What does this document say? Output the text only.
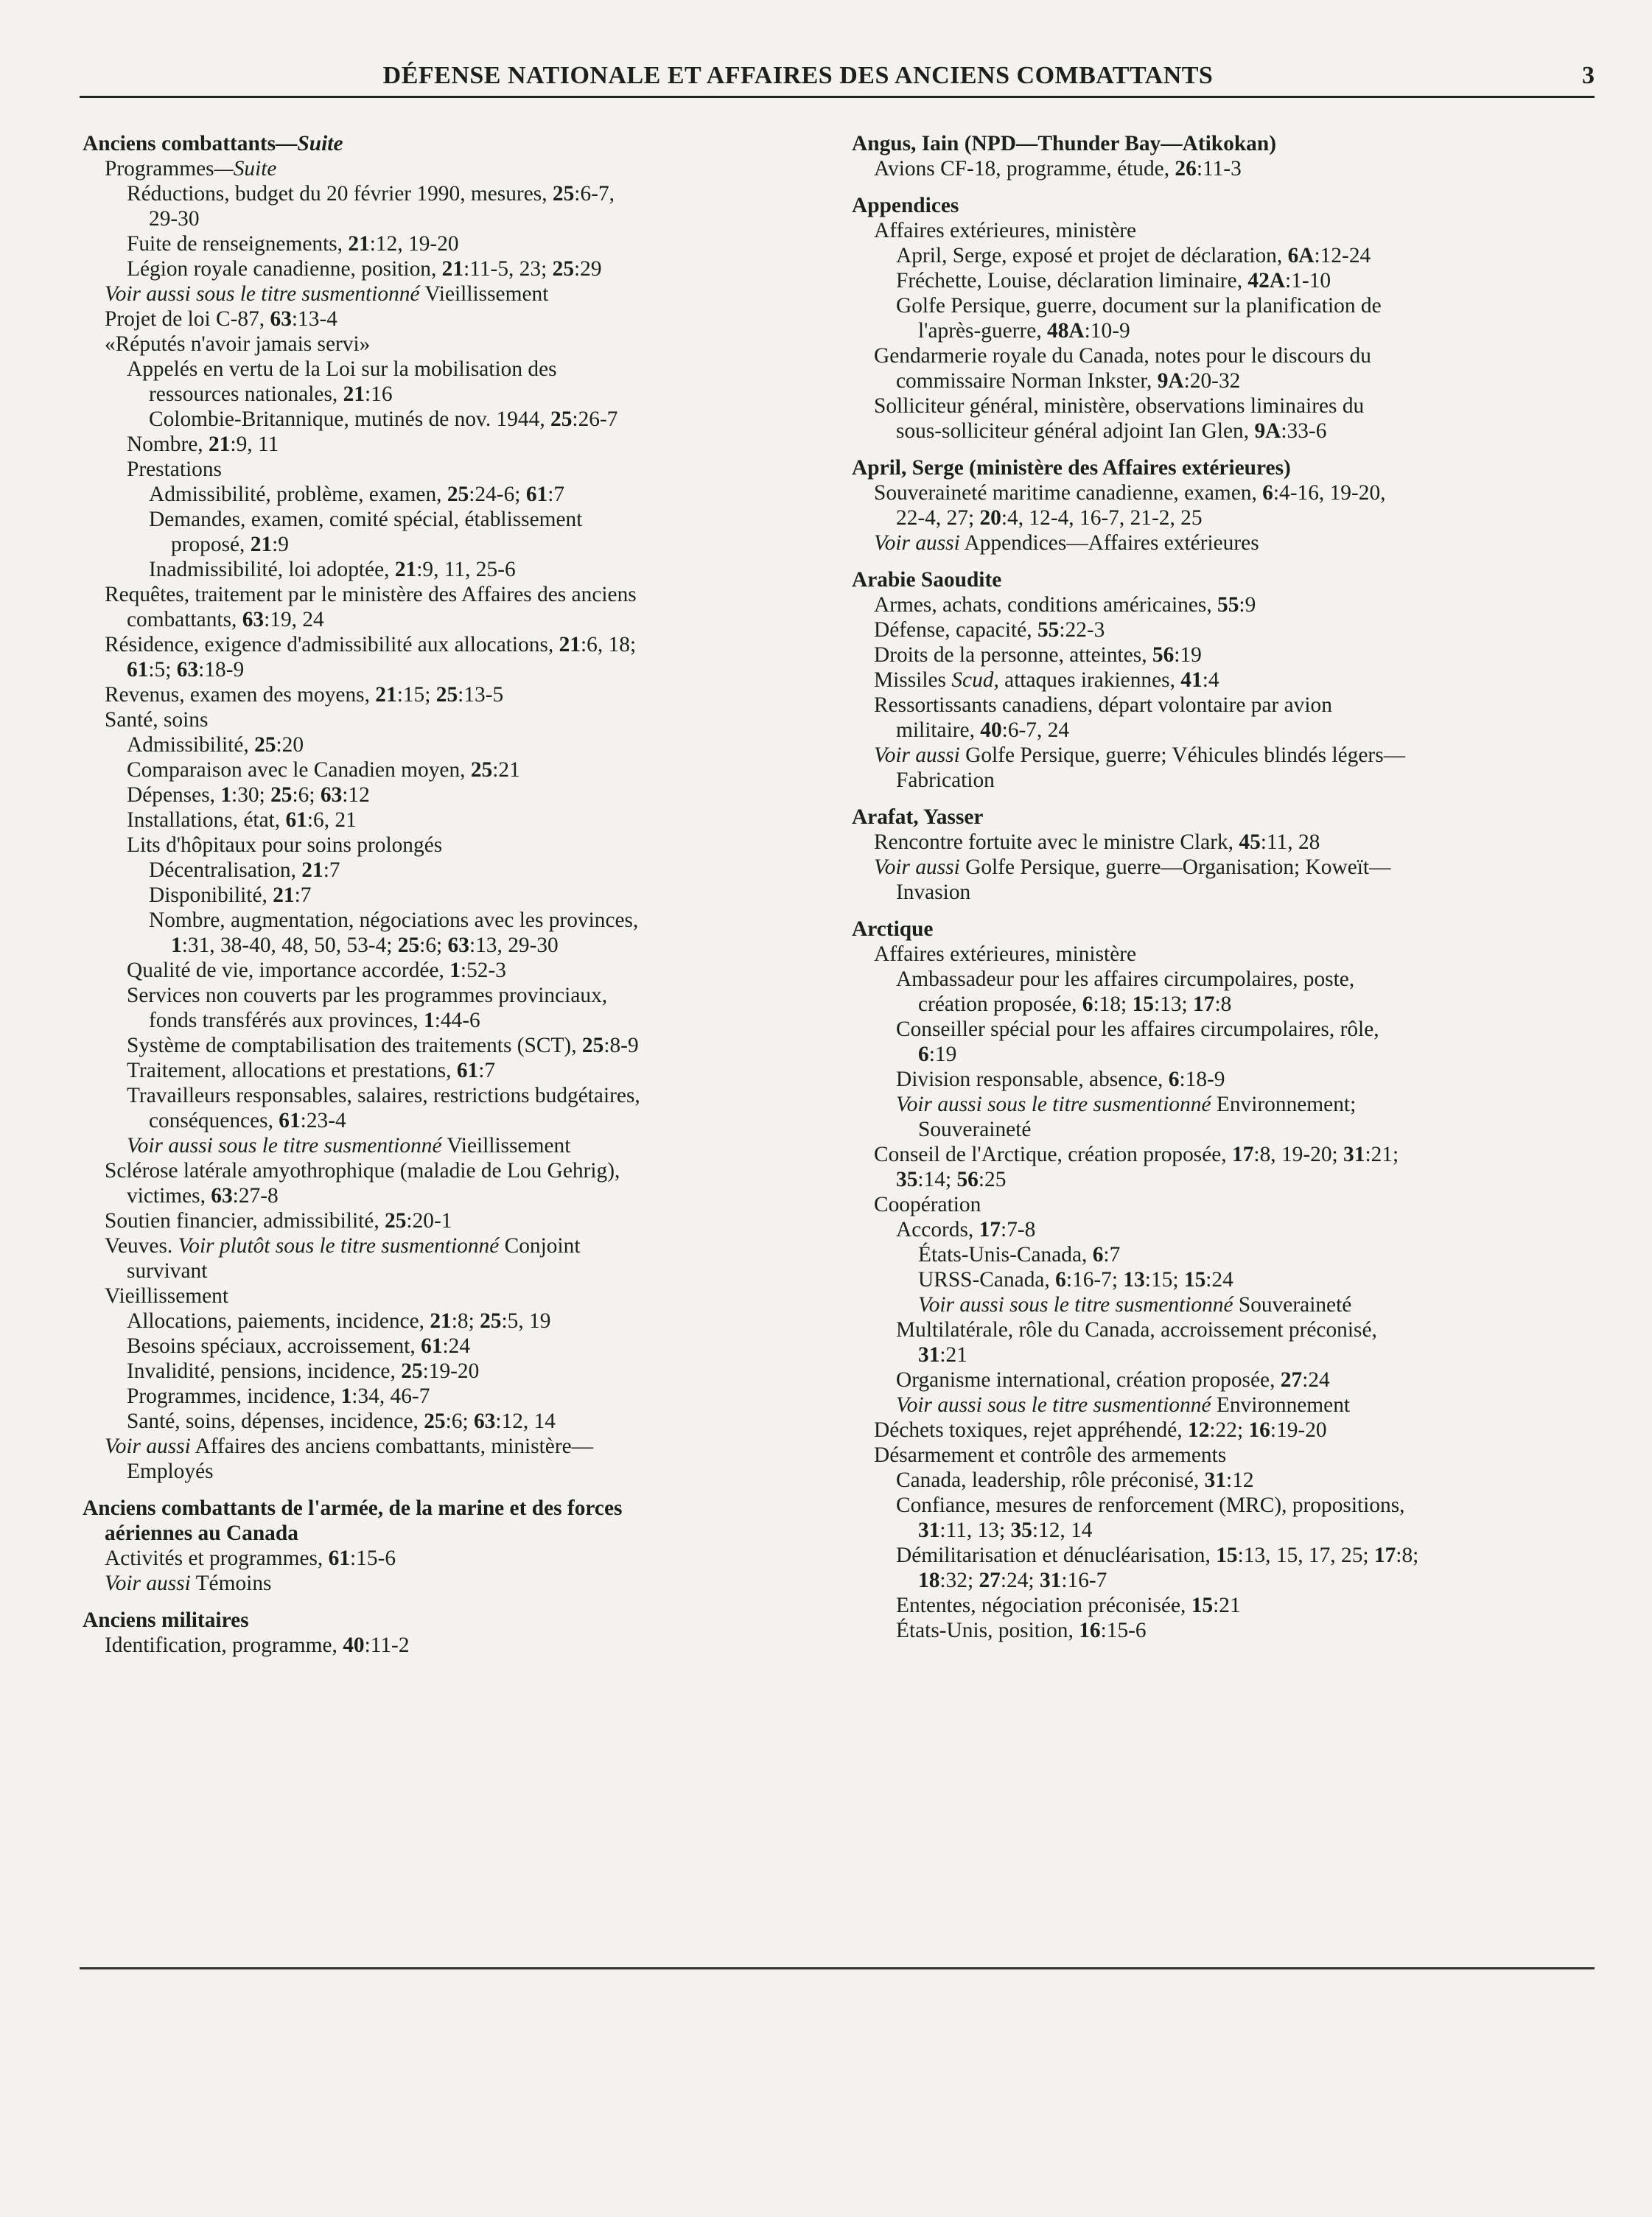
DÉFENSE NATIONALE ET AFFAIRES DES ANCIENS COMBATTANTS	3
Anciens combattants—Suite
Programmes—Suite
Réductions, budget du 20 février 1990, mesures, 25:6-7,
29-30
Fuite de renseignements, 21:12, 19-20
Légion royale canadienne, position, 21:11-5, 23; 25:29
Voir aussi sous le titre susmentionné Vieillissement
Projet de loi C-87, 63:13-4
«Réputés n'avoir jamais servi»
Appelés en vertu de la Loi sur la mobilisation des
ressources nationales, 21:16
Colombie-Britannique, mutinés de nov. 1944, 25:26-7
Nombre, 21:9, 11
Prestations
Admissibilité, problème, examen, 25:24-6; 61:7
Demandes, examen, comité spécial, établissement
proposé, 21:9
Inadmissibilité, loi adoptée, 21:9, 11, 25-6
Requêtes, traitement par le ministère des Affaires des anciens
combattants, 63:19, 24
Résidence, exigence d'admissibilité aux allocations, 21:6, 18;
61:5; 63:18-9
Revenus, examen des moyens, 21:15; 25:13-5
Santé, soins
Admissibilité, 25:20
Comparaison avec le Canadien moyen, 25:21
Dépenses, 1:30; 25:6; 63:12
Installations, état, 61:6, 21
Lits d'hôpitaux pour soins prolongés
Décentralisation, 21:7
Disponibilité, 21:7
Nombre, augmentation, négociations avec les provinces,
1:31, 38-40, 48, 50, 53-4; 25:6; 63:13, 29-30
Qualité de vie, importance accordée, 1:52-3
Services non couverts par les programmes provinciaux,
fonds transférés aux provinces, 1:44-6
Système de comptabilisation des traitements (SCT), 25:8-9
Traitement, allocations et prestations, 61:7
Travailleurs responsables, salaires, restrictions budgétaires,
conséquences, 61:23-4
Voir aussi sous le titre susmentionné Vieillissement
Sclérose latérale amyothrophique (maladie de Lou Gehrig),
victimes, 63:27-8
Soutien financier, admissibilité, 25:20-1
Veuves. Voir plutôt sous le titre susmentionné Conjoint
survivant
Vieillissement
Allocations, paiements, incidence, 21:8; 25:5, 19
Besoins spéciaux, accroissement, 61:24
Invalidité, pensions, incidence, 25:19-20
Programmes, incidence, 1:34, 46-7
Santé, soins, dépenses, incidence, 25:6; 63:12, 14
Voir aussi Affaires des anciens combattants, ministère—
Employés
Anciens combattants de l'armée, de la marine et des forces
aériennes au Canada
Activités et programmes, 61:15-6
Voir aussi Témoins
Anciens militaires
Identification, programme, 40:11-2
Angus, Iain (NPD—Thunder Bay—Atikokan)
Avions CF-18, programme, étude, 26:11-3
Appendices
Affaires extérieures, ministère
April, Serge, exposé et projet de déclaration, 6A:12-24
Fréchette, Louise, déclaration liminaire, 42A:1-10
Golfe Persique, guerre, document sur la planification de
l'après-guerre, 48A:10-9
Gendarmerie royale du Canada, notes pour le discours du
commissaire Norman Inkster, 9A:20-32
Solliciteur général, ministère, observations liminaires du
sous-solliciteur général adjoint Ian Glen, 9A:33-6
April, Serge (ministère des Affaires extérieures)
Souveraineté maritime canadienne, examen, 6:4-16, 19-20,
22-4, 27; 20:4, 12-4, 16-7, 21-2, 25
Voir aussi Appendices—Affaires extérieures
Arabie Saoudite
Armes, achats, conditions américaines, 55:9
Défense, capacité, 55:22-3
Droits de la personne, atteintes, 56:19
Missiles Scud, attaques irakiennes, 41:4
Ressortissants canadiens, départ volontaire par avion
militaire, 40:6-7, 24
Voir aussi Golfe Persique, guerre; Véhicules blindés légers—
Fabrication
Arafat, Yasser
Rencontre fortuite avec le ministre Clark, 45:11, 28
Voir aussi Golfe Persique, guerre—Organisation; Koweït—
Invasion
Arctique
Affaires extérieures, ministère
Ambassadeur pour les affaires circumpolaires, poste,
création proposée, 6:18; 15:13; 17:8
Conseiller spécial pour les affaires circumpolaires, rôle,
6:19
Division responsable, absence, 6:18-9
Voir aussi sous le titre susmentionné Environnement;
Souveraineté
Conseil de l'Arctique, création proposée, 17:8, 19-20; 31:21;
35:14; 56:25
Coopération
Accords, 17:7-8
États-Unis-Canada, 6:7
URSS-Canada, 6:16-7; 13:15; 15:24
Voir aussi sous le titre susmentionné Souveraineté
Multilatérale, rôle du Canada, accroissement préconisé,
31:21
Organisme international, création proposée, 27:24
Voir aussi sous le titre susmentionné Environnement
Déchets toxiques, rejet appréhendé, 12:22; 16:19-20
Désarmement et contrôle des armements
Canada, leadership, rôle préconisé, 31:12
Confiance, mesures de renforcement (MRC), propositions,
31:11, 13; 35:12, 14
Démilitarisation et dénucléarisation, 15:13, 15, 17, 25; 17:8;
18:32; 27:24; 31:16-7
Ententes, négociation préconisée, 15:21
États-Unis, position, 16:15-6
